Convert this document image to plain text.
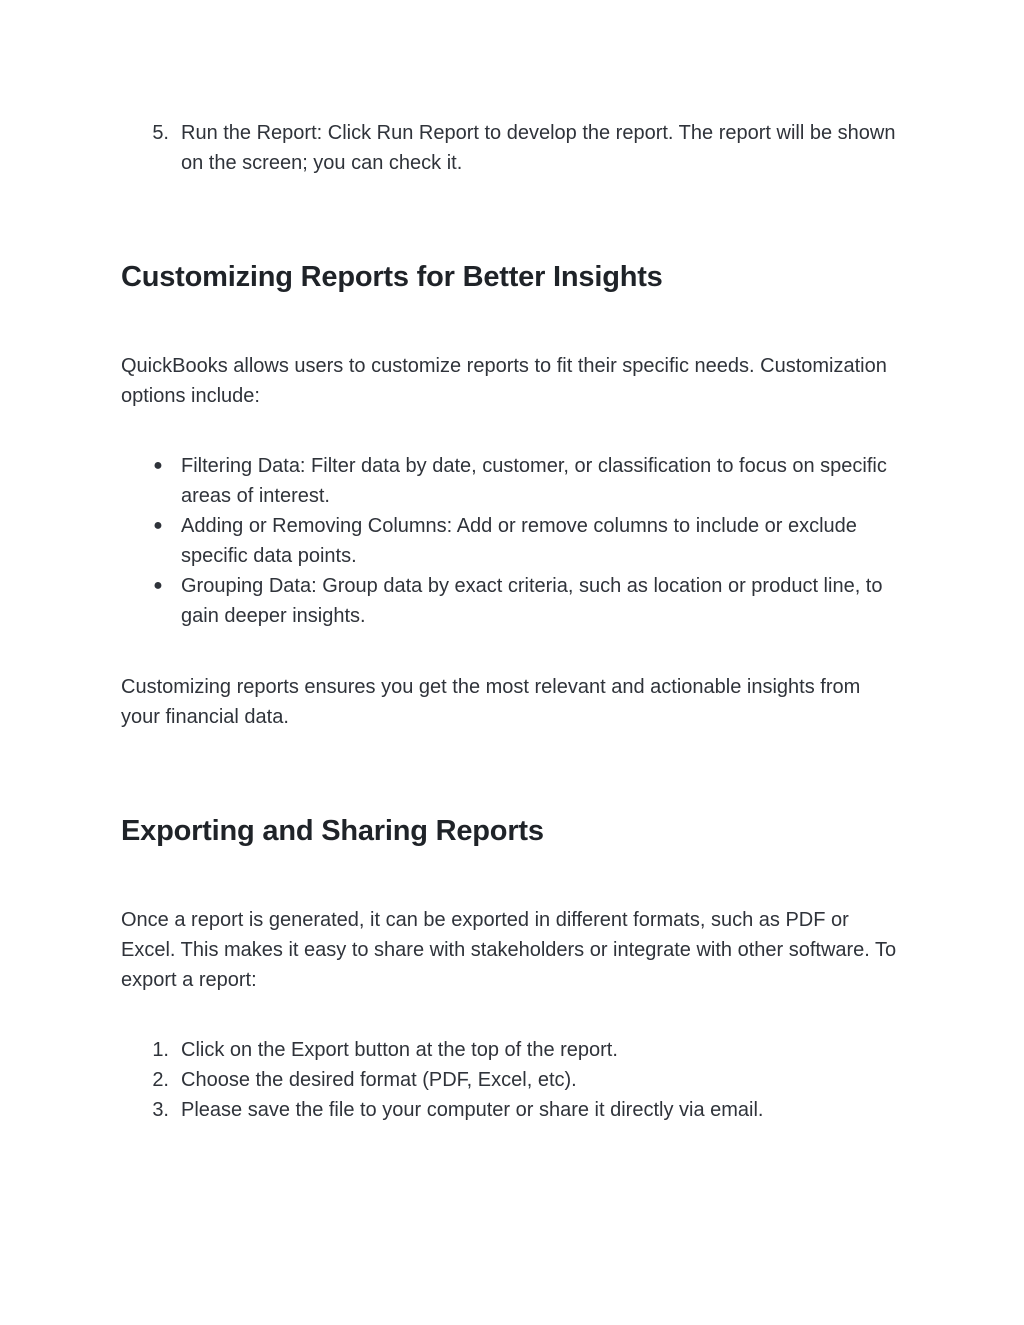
5. Run the Report: Click Run Report to develop the report. The report will be shown on the screen; you can check it.
Customizing Reports for Better Insights

QuickBooks allows users to customize reports to fit their specific needs. Customization options include:

● Filtering Data: Filter data by date, customer, or classification to focus on specific areas of interest.
● Adding or Removing Columns: Add or remove columns to include or exclude specific data points.
● Grouping Data: Group data by exact criteria, such as location or product line, to gain deeper insights.

Customizing reports ensures you get the most relevant and actionable insights from your financial data.

Exporting and Sharing Reports

Once a report is generated, it can be exported in different formats, such as PDF or Excel. This makes it easy to share with stakeholders or integrate with other software. To export a report:

1. Click on the Export button at the top of the report.
2. Choose the desired format (PDF, Excel, etc).
3. Please save the file to your computer or share it directly via email.
